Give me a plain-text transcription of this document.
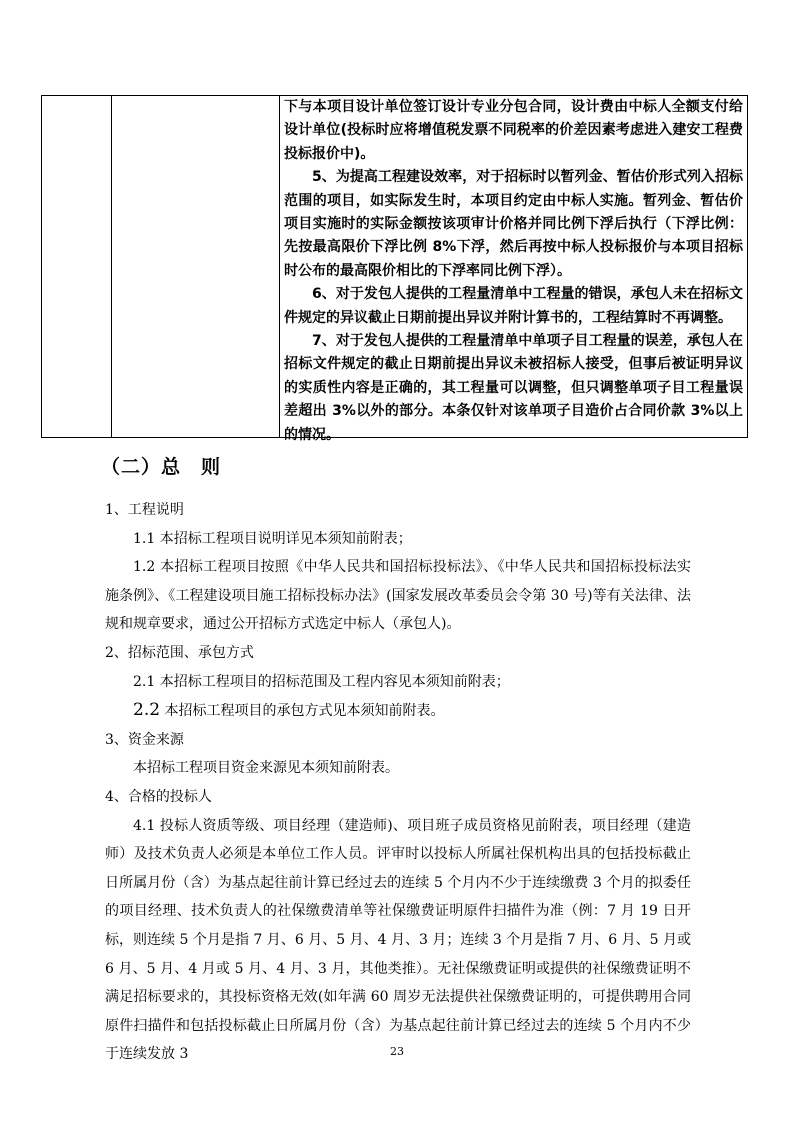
下与本项目设计单位签订设计专业分包合同，设计费由中标人全额支付给设计单位(投标时应将增值税发票不同税率的价差因素考虑进入建安工程费投标报价中)。

5、为提高工程建设效率，对于招标时以暂列金、暂估价形式列入招标范围的项目，如实际发生时，本项目约定由中标人实施。暂列金、暂估价项目实施时的实际金额按该项审计价格并同比例下浮后执行（下浮比例：先按最高限价下浮比例 8%下浮，然后再按中标人投标报价与本项目招标时公布的最高限价相比的下浮率同比例下浮）。

6、对于发包人提供的工程量清单中工程量的错误，承包人未在招标文件规定的异议截止日期前提出异议并附计算书的，工程结算时不再调整。

7、对于发包人提供的工程量清单中单项子目工程量的误差，承包人在招标文件规定的截止日期前提出异议未被招标人接受，但事后被证明异议的实质性内容是正确的，其工程量可以调整，但只调整单项子目工程量误差超出 3%以外的部分。本条仅针对该单项子目造价占合同价款 3%以上的情况。

（二）总　则

1、工程说明

1.1 本招标工程项目说明详见本须知前附表；

1.2 本招标工程项目按照《中华人民共和国招标投标法》、《中华人民共和国招标投标法实施条例》、《工程建设项目施工招标投标办法》(国家发展改革委员会令第 30 号)等有关法律、法规和规章要求，通过公开招标方式选定中标人（承包人)。

2、招标范围、承包方式

2.1 本招标工程项目的招标范围及工程内容见本须知前附表；

2.2 本招标工程项目的承包方式见本须知前附表。

3、资金来源

本招标工程项目资金来源见本须知前附表。

4、合格的投标人

4.1 投标人资质等级、项目经理（建造师)、项目班子成员资格见前附表，项目经理（建造师）及技术负责人必须是本单位工作人员。评审时以投标人所属社保机构出具的包括投标截止日所属月份（含）为基点起往前计算已经过去的连续 5 个月内不少于连续缴费 3 个月的拟委任的项目经理、技术负责人的社保缴费清单等社保缴费证明原件扫描件为准（例：7 月 19 日开标，则连续 5 个月是指 7 月、6 月、5 月、4 月、3 月；连续 3 个月是指 7 月、6 月、5 月或 6 月、5 月、4 月或 5 月、4 月、3 月，其他类推）。无社保缴费证明或提供的社保缴费证明不满足招标要求的，其投标资格无效(如年满 60 周岁无法提供社保缴费证明的，可提供聘用合同原件扫描件和包括投标截止日所属月份（含）为基点起往前计算已经过去的连续 5 个月内不少于连续发放 3	23
